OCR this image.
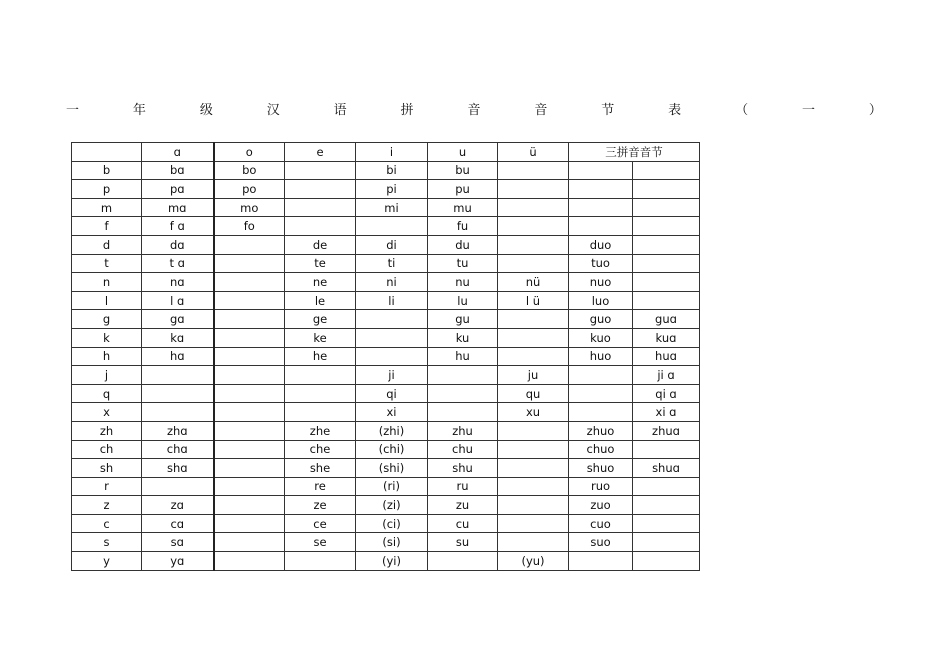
一	年	级	汉	语	拼	音	音	节	表	（	一	）
	ɑ	o	e	i	u	ü	三拼音音节	
b	bɑ	bo		bi	bu			
p	pɑ	po		pi	pu			
m	mɑ	mo		mi	mu			
f	f ɑ	fo			fu			
d	dɑ		de	di	du		duo	
t	t ɑ		te	ti	tu		tuo	
n	nɑ		ne	ni	nu	nü	nuo	
l	l ɑ		le	li	lu	l ü	luo	
g	gɑ		ge		gu		guo	guɑ
k	kɑ		ke		ku		kuo	kuɑ
h	hɑ		he		hu		huo	huɑ
j				ji		ju		ji ɑ
q				qi		qu		qi ɑ
x				xi		xu		xi ɑ
zh	zhɑ		zhe	(zhi)	zhu		zhuo	zhuɑ
ch	chɑ		che	(chi)	chu		chuo	
sh	shɑ		she	(shi)	shu		shuo	shuɑ
r			re	(ri)	ru		ruo	
z	zɑ		ze	(zi)	zu		zuo	
c	cɑ		ce	(ci)	cu		cuo	
s	sɑ		se	(si)	su		suo	
y	yɑ			(yi)		(yu)		
